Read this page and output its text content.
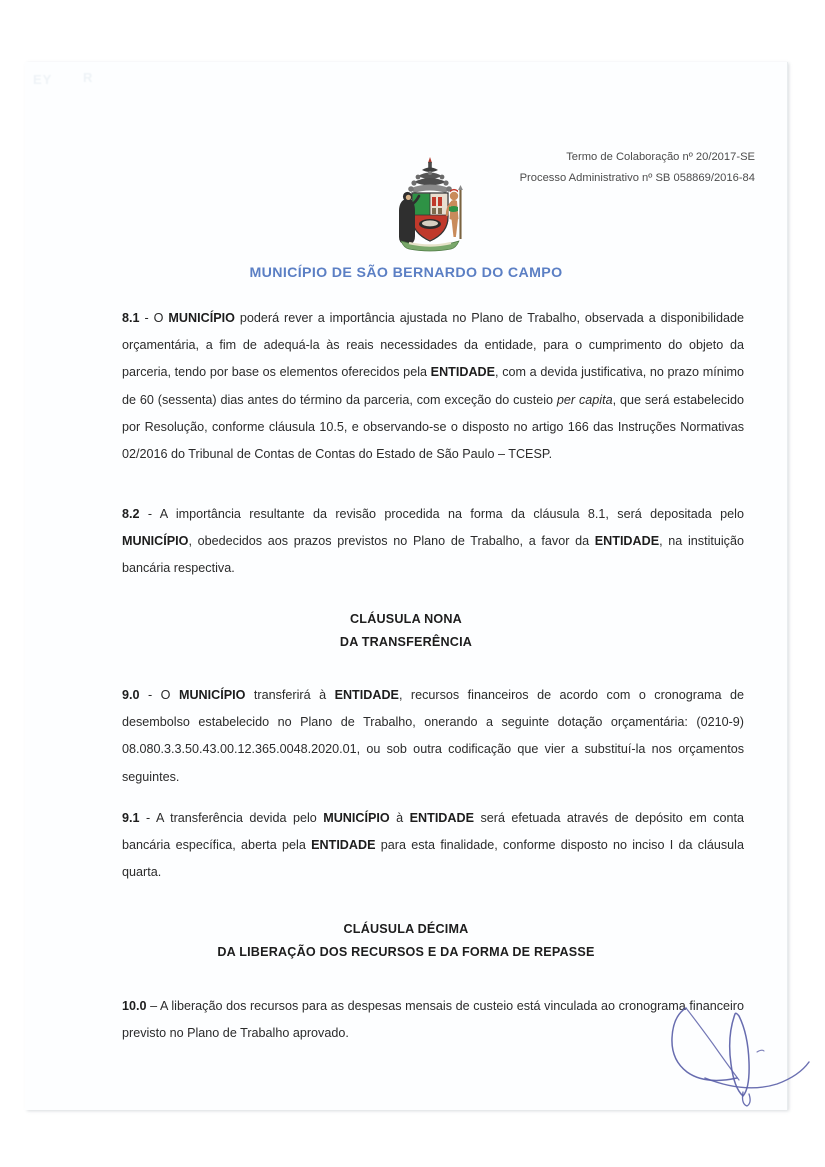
EY R
Termo de Colaboração nº 20/2017-SE
Processo Administrativo nº SB 058869/2016-84
MUNICÍPIO DE SÃO BERNARDO DO CAMPO
8.1 - O MUNICÍPIO poderá rever a importância ajustada no Plano de Trabalho, observada a disponibilidade orçamentária, a fim de adequá-la às reais necessidades da entidade, para o cumprimento do objeto da parceria, tendo por base os elementos oferecidos pela ENTIDADE, com a devida justificativa, no prazo mínimo de 60 (sessenta) dias antes do término da parceria, com exceção do custeio per capita, que será estabelecido por Resolução, conforme cláusula 10.5, e observando-se o disposto no artigo 166 das Instruções Normativas 02/2016 do Tribunal de Contas de Contas do Estado de São Paulo – TCESP.
8.2 - A importância resultante da revisão procedida na forma da cláusula 8.1, será depositada pelo MUNICÍPIO, obedecidos aos prazos previstos no Plano de Trabalho, a favor da ENTIDADE, na instituição bancária respectiva.
CLÁUSULA NONA
DA TRANSFERÊNCIA
9.0 - O MUNICÍPIO transferirá à ENTIDADE, recursos financeiros de acordo com o cronograma de desembolso estabelecido no Plano de Trabalho, onerando a seguinte dotação orçamentária: (0210-9) 08.080.3.3.50.43.00.12.365.0048.2020.01, ou sob outra codificação que vier a substituí-la nos orçamentos seguintes.
9.1 - A transferência devida pelo MUNICÍPIO à ENTIDADE será efetuada através de depósito em conta bancária específica, aberta pela ENTIDADE para esta finalidade, conforme disposto no inciso I da cláusula quarta.
CLÁUSULA DÉCIMA
DA LIBERAÇÃO DOS RECURSOS E DA FORMA DE REPASSE
10.0 – A liberação dos recursos para as despesas mensais de custeio está vinculada ao cronograma financeiro previsto no Plano de Trabalho aprovado.
